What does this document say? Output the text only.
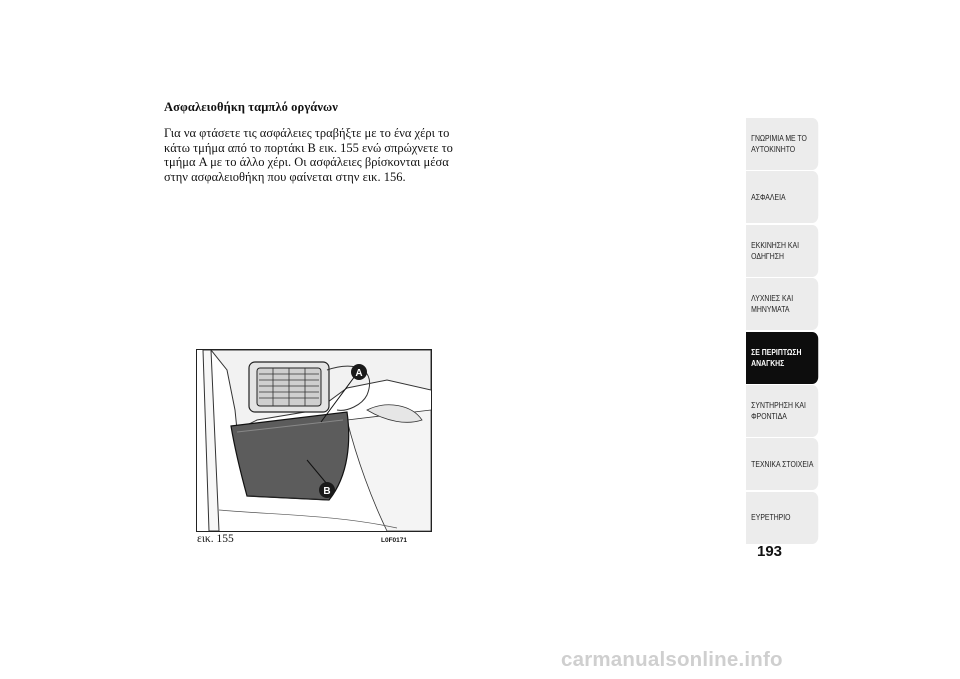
Ασφαλειοθήκη ταμπλό οργάνων

Για να φτάσετε τις ασφάλειες τραβήξτε με το ένα χέρι το κάτω τμήμα από το πορτάκι B εικ. 155 ενώ σπρώχνετε το τμήμα A με το άλλο χέρι. Οι ασφάλειες βρίσκονται μέσα στην ασφαλειοθήκη που φαίνεται στην εικ. 156.

A
B
εικ. 155	L0F0171
ΓΝΩΡΙΜΙΑ ΜΕ ΤΟ
ΑΥΤΟΚΙΝΗΤΟ
ΑΣΦΑΛΕΙΑ
ΕΚΚΙΝΗΣΗ ΚΑΙ
ΟΔΗΓΗΣΗ
ΛΥΧΝΙΕΣ ΚΑΙ
ΜΗΝΥΜΑΤΑ
ΣΕ ΠΕΡΙΠΤΩΣΗ
ΑΝΑΓΚΗΣ
ΣΥΝΤΗΡΗΣΗ ΚΑΙ
ΦΡΟΝΤΙΔΑ
ΤΕΧΝΙΚΑ ΣΤΟΙΧΕΙΑ
ΕΥΡΕΤΗΡΙΟ
193
carmanualsonline.info
